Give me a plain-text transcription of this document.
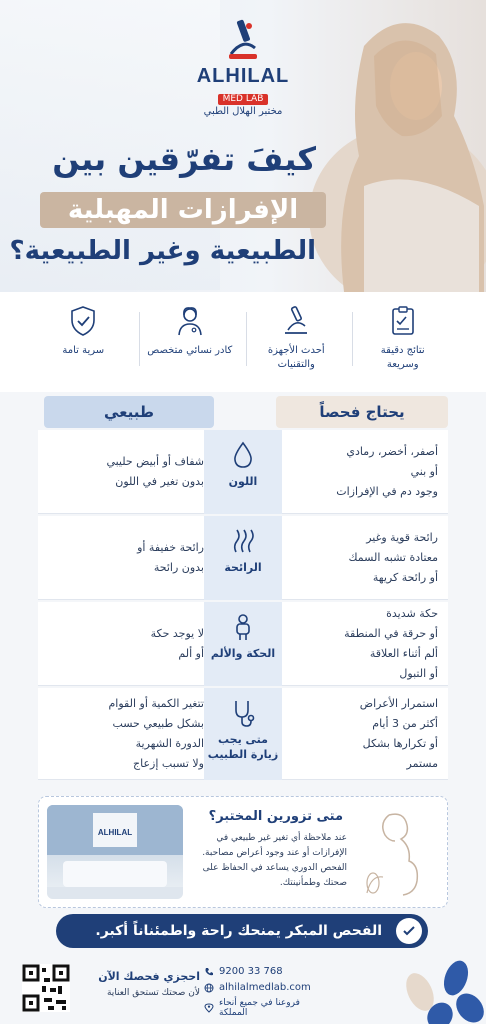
ALHILAL
MED LAB
مختبر الهلال الطبي
كيفَ تفرّقين بين
الإفرازات المهبلية
الطبيعية وغير الطبيعية؟
نتائج دقيقة
وسريعة
أحدث الأجهزة
والتقنيات
كادر نسائي متخصص
سرية تامة
يحتاج فحصاً
طبيعي
أصفر، أخضر، رمادي
أو بني
وجود دم في الإفرازات
اللون
شفاف أو أبيض حليبي
بدون تغير في اللون
رائحة قوية وغير
معتادة تشبه السمك
أو رائحة كريهة
الرائحة
رائحة خفيفة أو
بدون رائحة
حكة شديدة
أو حرقة في المنطقة
ألم أثناء العلاقة
أو التبول
الحكة والألم
لا يوجد حكة
أو ألم
استمرار الأعراض
أكثر من 3 أيام
أو تكرارها بشكل
مستمر
متى يجب
زيارة الطبيب
تتغير الكمية أو القوام
بشكل طبيعي حسب
الدورة الشهرية
ولا تسبب إزعاج
ALHILAL
متى تزورين المختبر؟
عند ملاحظة أي تغير غير طبيعي في الإفرازات أو عند وجود أعراض مصاحبة. الفحص الدوري يساعد في الحفاظ على صحتك وطمأنينتك.
الفحص المبكر يمنحك راحة واطمئناناً أكبر.
احجزي فحصك الآن
لأن صحتك تستحق العناية
9200 33 768
alhilalmedlab.com
فروعنا في جميع أنحاء المملكة
